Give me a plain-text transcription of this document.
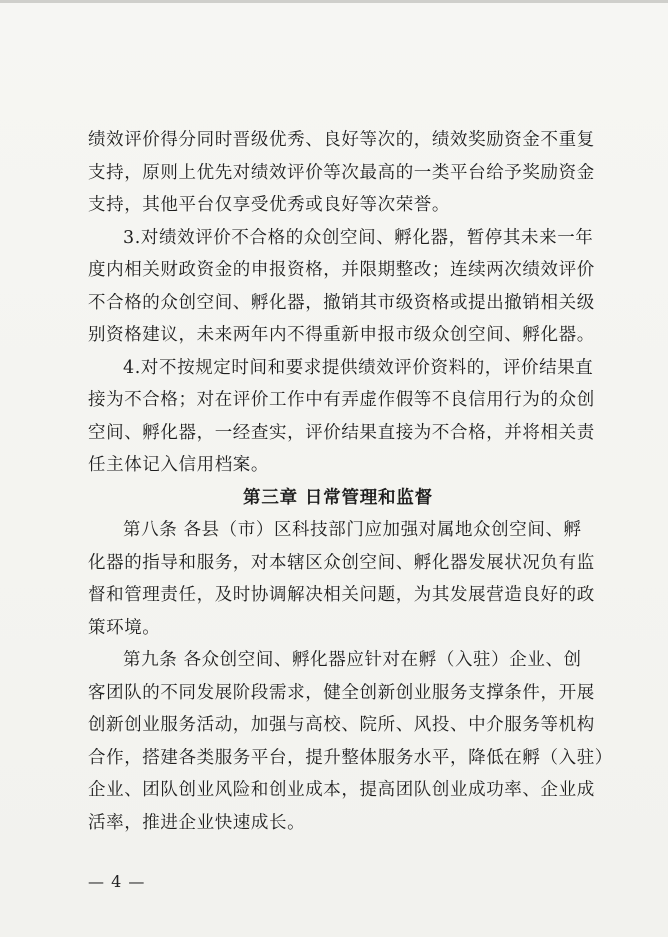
绩效评价得分同时晋级优秀、良好等次的，绩效奖励资金不重复

支持，原则上优先对绩效评价等次最高的一类平台给予奖励资金

支持，其他平台仅享受优秀或良好等次荣誉。

3.对绩效评价不合格的众创空间、孵化器，暂停其未来一年

度内相关财政资金的申报资格，并限期整改；连续两次绩效评价

不合格的众创空间、孵化器，撤销其市级资格或提出撤销相关级

别资格建议，未来两年内不得重新申报市级众创空间、孵化器。

4.对不按规定时间和要求提供绩效评价资料的，评价结果直

接为不合格；对在评价工作中有弄虚作假等不良信用行为的众创

空间、孵化器，一经查实，评价结果直接为不合格，并将相关责

任主体记入信用档案。

第三章 日常管理和监督

第八条 各县（市）区科技部门应加强对属地众创空间、孵

化器的指导和服务，对本辖区众创空间、孵化器发展状况负有监

督和管理责任，及时协调解决相关问题，为其发展营造良好的政

策环境。

第九条 各众创空间、孵化器应针对在孵（入驻）企业、创

客团队的不同发展阶段需求，健全创新创业服务支撑条件，开展

创新创业服务活动，加强与高校、院所、风投、中介服务等机构

合作，搭建各类服务平台，提升整体服务水平，降低在孵（入驻）

企业、团队创业风险和创业成本，提高团队创业成功率、企业成

活率，推进企业快速成长。

— 4 —
